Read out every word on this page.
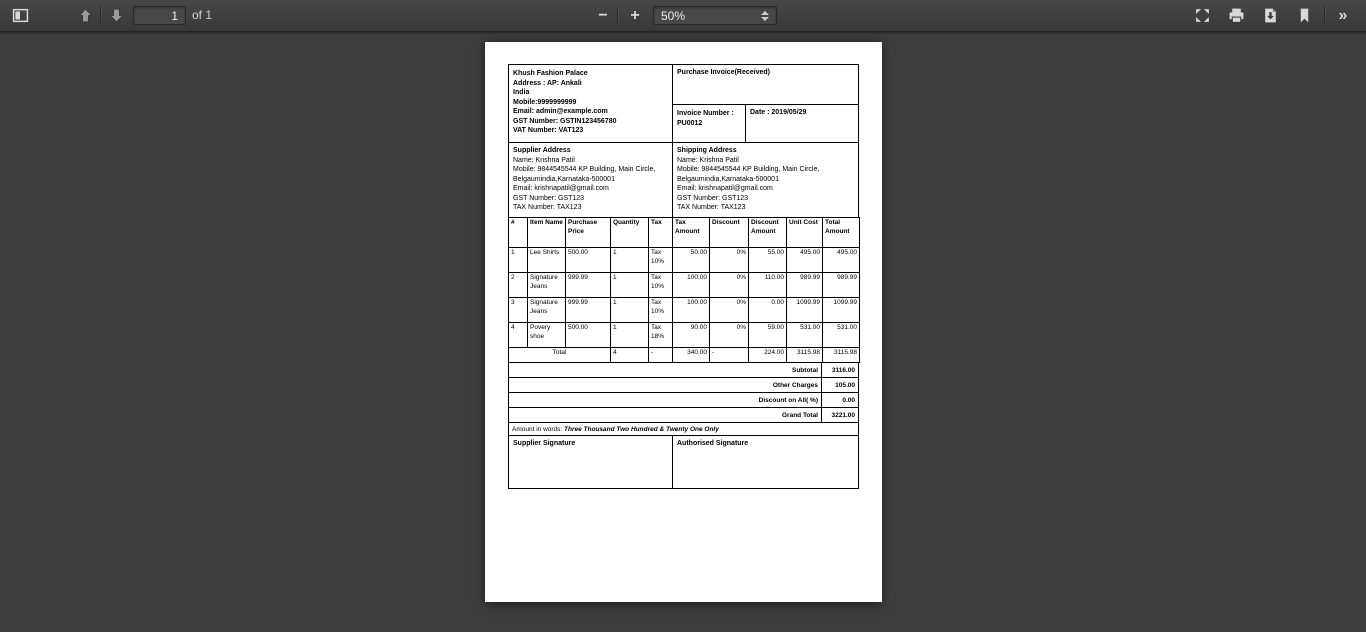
1
of 1	− + 50%	»
Khush Fashion Palace
Address : AP: Ankali
India
Mobile:9999999999
Email: admin@example.com
GST Number: GSTIN123456780
VAT Number: VAT123
Purchase Invoice(Received)
Invoice Number :
PU0012
Date : 2019/05/29
Supplier Address
Name: Krishna Patil
Mobile: 9844545544 KP Building, Main Circle, Belgaumindia,Karnataka-500001
Email: krishnapatil@gmail.com
GST Number: GST123
TAX Number: TAX123
Shipping Address
Name: Krishna Patil
Mobile: 9844545544 KP Building, Main Circle, Belgaumindia,Karnataka-500001
Email: krishnapatil@gmail.com
GST Number: GST123
TAX Number: TAX123
#	Item Name	Purchase Price	Quantity	Tax	Tax Amount	Discount	Discount Amount	Unit Cost	Total Amount
1	Lee Shirts	500.00	1	Tax 10%	50.00	0%	55.00	495.00	495.00
2	Signature Jeans	999.99	1	Tax 10%	100.00	0%	110.00	989.99	989.99
3	Signature Jeans	999.99	1	Tax 10%	100.00	0%	0.00	1099.99	1099.99
4	Povery shoe	500.00	1	Tax 18%	90.00	0%	59.00	531.00	531.00
Total			4	-	340.00	-	224.00	3115.98	3115.98
Subtotal	3116.00
Other Charges	105.00
Discount on All( %)	0.00
Grand Total	3221.00
Amount in words: Three Thousand Two Hundred & Twenty One Only
Supplier Signature	Authorised Signature
